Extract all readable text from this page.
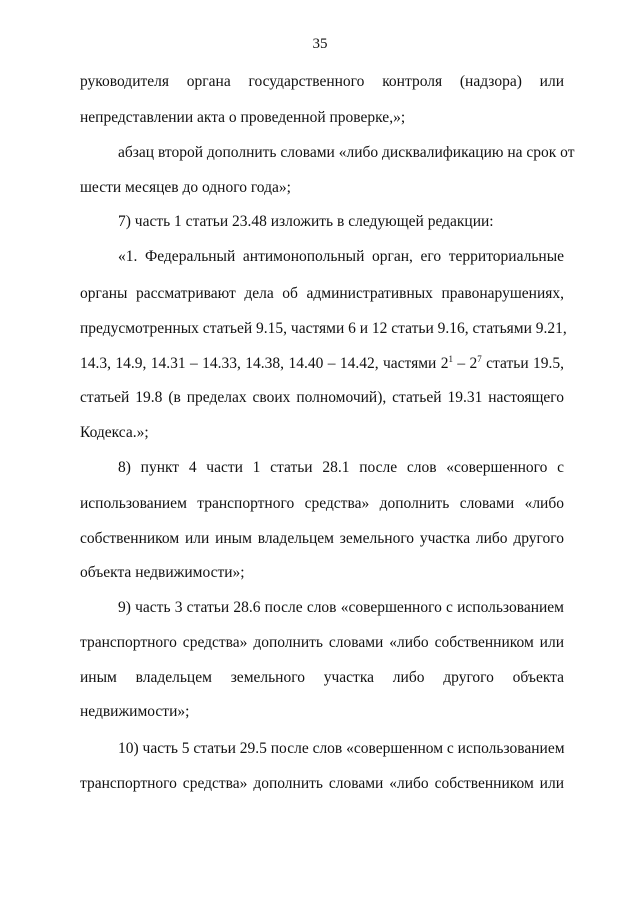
35
руководителя органа государственного контроля (надзора) или
непредставлении акта о проведенной проверке,»;
абзац второй дополнить словами «либо дисквалификацию на срок от
шести месяцев до одного года»;
7) часть 1 статьи 23.48 изложить в следующей редакции:
«1. Федеральный антимонопольный орган, его территориальные
органы рассматривают дела об административных правонарушениях,
предусмотренных статьей 9.15, частями 6 и 12 статьи 9.16, статьями 9.21,
14.3, 14.9, 14.31 – 14.33, 14.38, 14.40 – 14.42, частями $2^1 - 2^7$ статьи 19.5,
статьей 19.8 (в пределах своих полномочий), статьей 19.31 настоящего
Кодекса.»;
8) пункт 4 части 1 статьи 28.1 после слов «совершенного с
использованием транспортного средства» дополнить словами «либо
собственником или иным владельцем земельного участка либо другого
объекта недвижимости»;
9) часть 3 статьи 28.6 после слов «совершенного с использованием
транспортного средства» дополнить словами «либо собственником или
иным владельцем земельного участка либо другого объекта
недвижимости»;
10) часть 5 статьи 29.5 после слов «совершенном с использованием
транспортного средства» дополнить словами «либо собственником или
